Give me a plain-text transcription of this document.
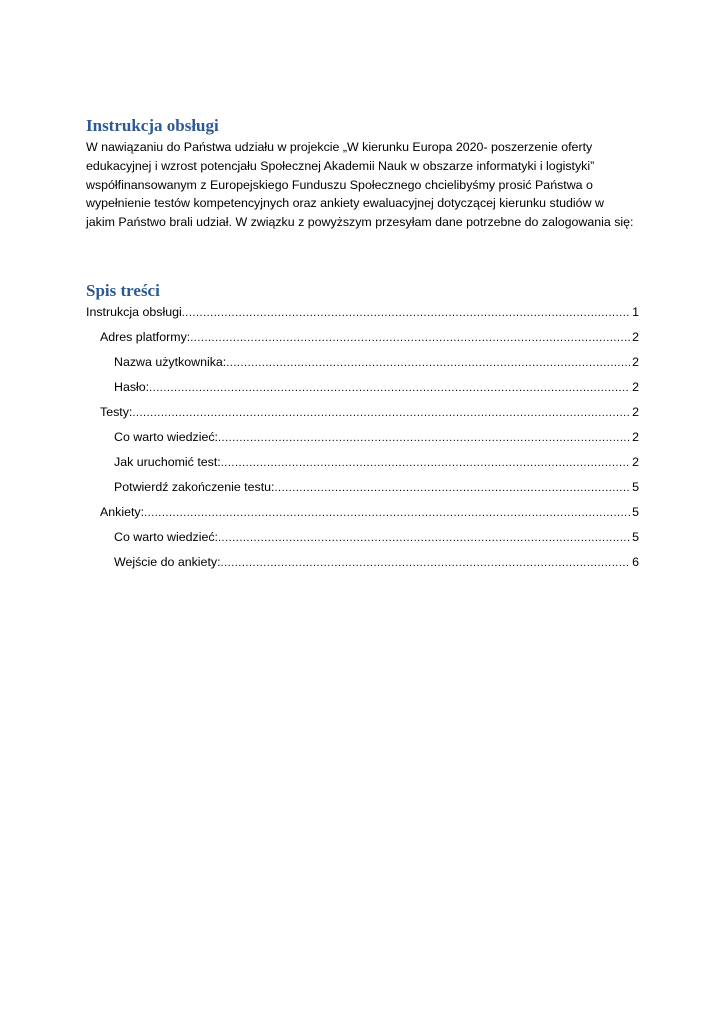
Instrukcja obsługi

W nawiązaniu do Państwa udziału w projekcie „W kierunku Europa 2020- poszerzenie oferty
edukacyjnej i wzrost potencjału Społecznej Akademii Nauk w obszarze informatyki i logistyki”
współfinansowanym z Europejskiego Funduszu Społecznego chcielibyśmy prosić Państwa o
wypełnienie testów kompetencyjnych oraz ankiety ewaluacyjnej dotyczącej kierunku studiów w
jakim Państwo brali udział. W związku z powyższym przesyłam dane potrzebne do zalogowania się:

Spis treści
Instrukcja obsługi .....	1
Adres platformy: .....	2
Nazwa użytkownika: .....	2
Hasło: .....	2
Testy: .....	2
Co warto wiedzieć: .....	2
Jak uruchomić test: .....	2
Potwierdź zakończenie testu: .....	5
Ankiety: .....	5
Co warto wiedzieć: .....	5
Wejście do ankiety: .....	6
